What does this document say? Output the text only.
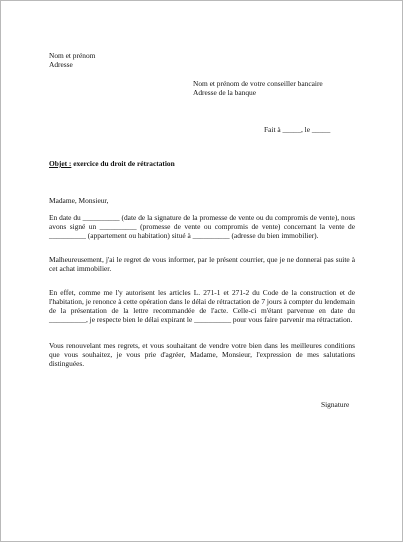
Nom et prénom
Adresse
Nom et prénom de votre conseiller bancaire
Adresse de la banque
Fait à _____, le _____
Objet : exercice du droit de rétractation
Madame, Monsieur,
En date du __________ (date de la signature de la promesse de vente ou du compromis de vente), nous avons signé un __________ (promesse de vente ou compromis de vente) concernant la vente de __________ (appartement ou habitation) situé à __________ (adresse du bien immobilier).
Malheureusement, j'ai le regret de vous informer, par le présent courrier, que je ne donnerai pas suite à cet achat immobilier.
En effet, comme me l'y autorisent les articles L. 271-1 et 271-2 du Code de la construction et de l'habitation, je renonce à cette opération dans le délai de rétractation de 7 jours à compter du lendemain de la présentation de la lettre recommandée de l'acte. Celle-ci m'étant parvenue en date du __________, je respecte bien le délai expirant le __________ pour vous faire parvenir ma rétractation.
Vous renouvelant mes regrets, et vous souhaitant de vendre votre bien dans les meilleures conditions que vous souhaitez, je vous prie d'agréer, Madame, Monsieur, l'expression de mes salutations distinguées.
Signature
